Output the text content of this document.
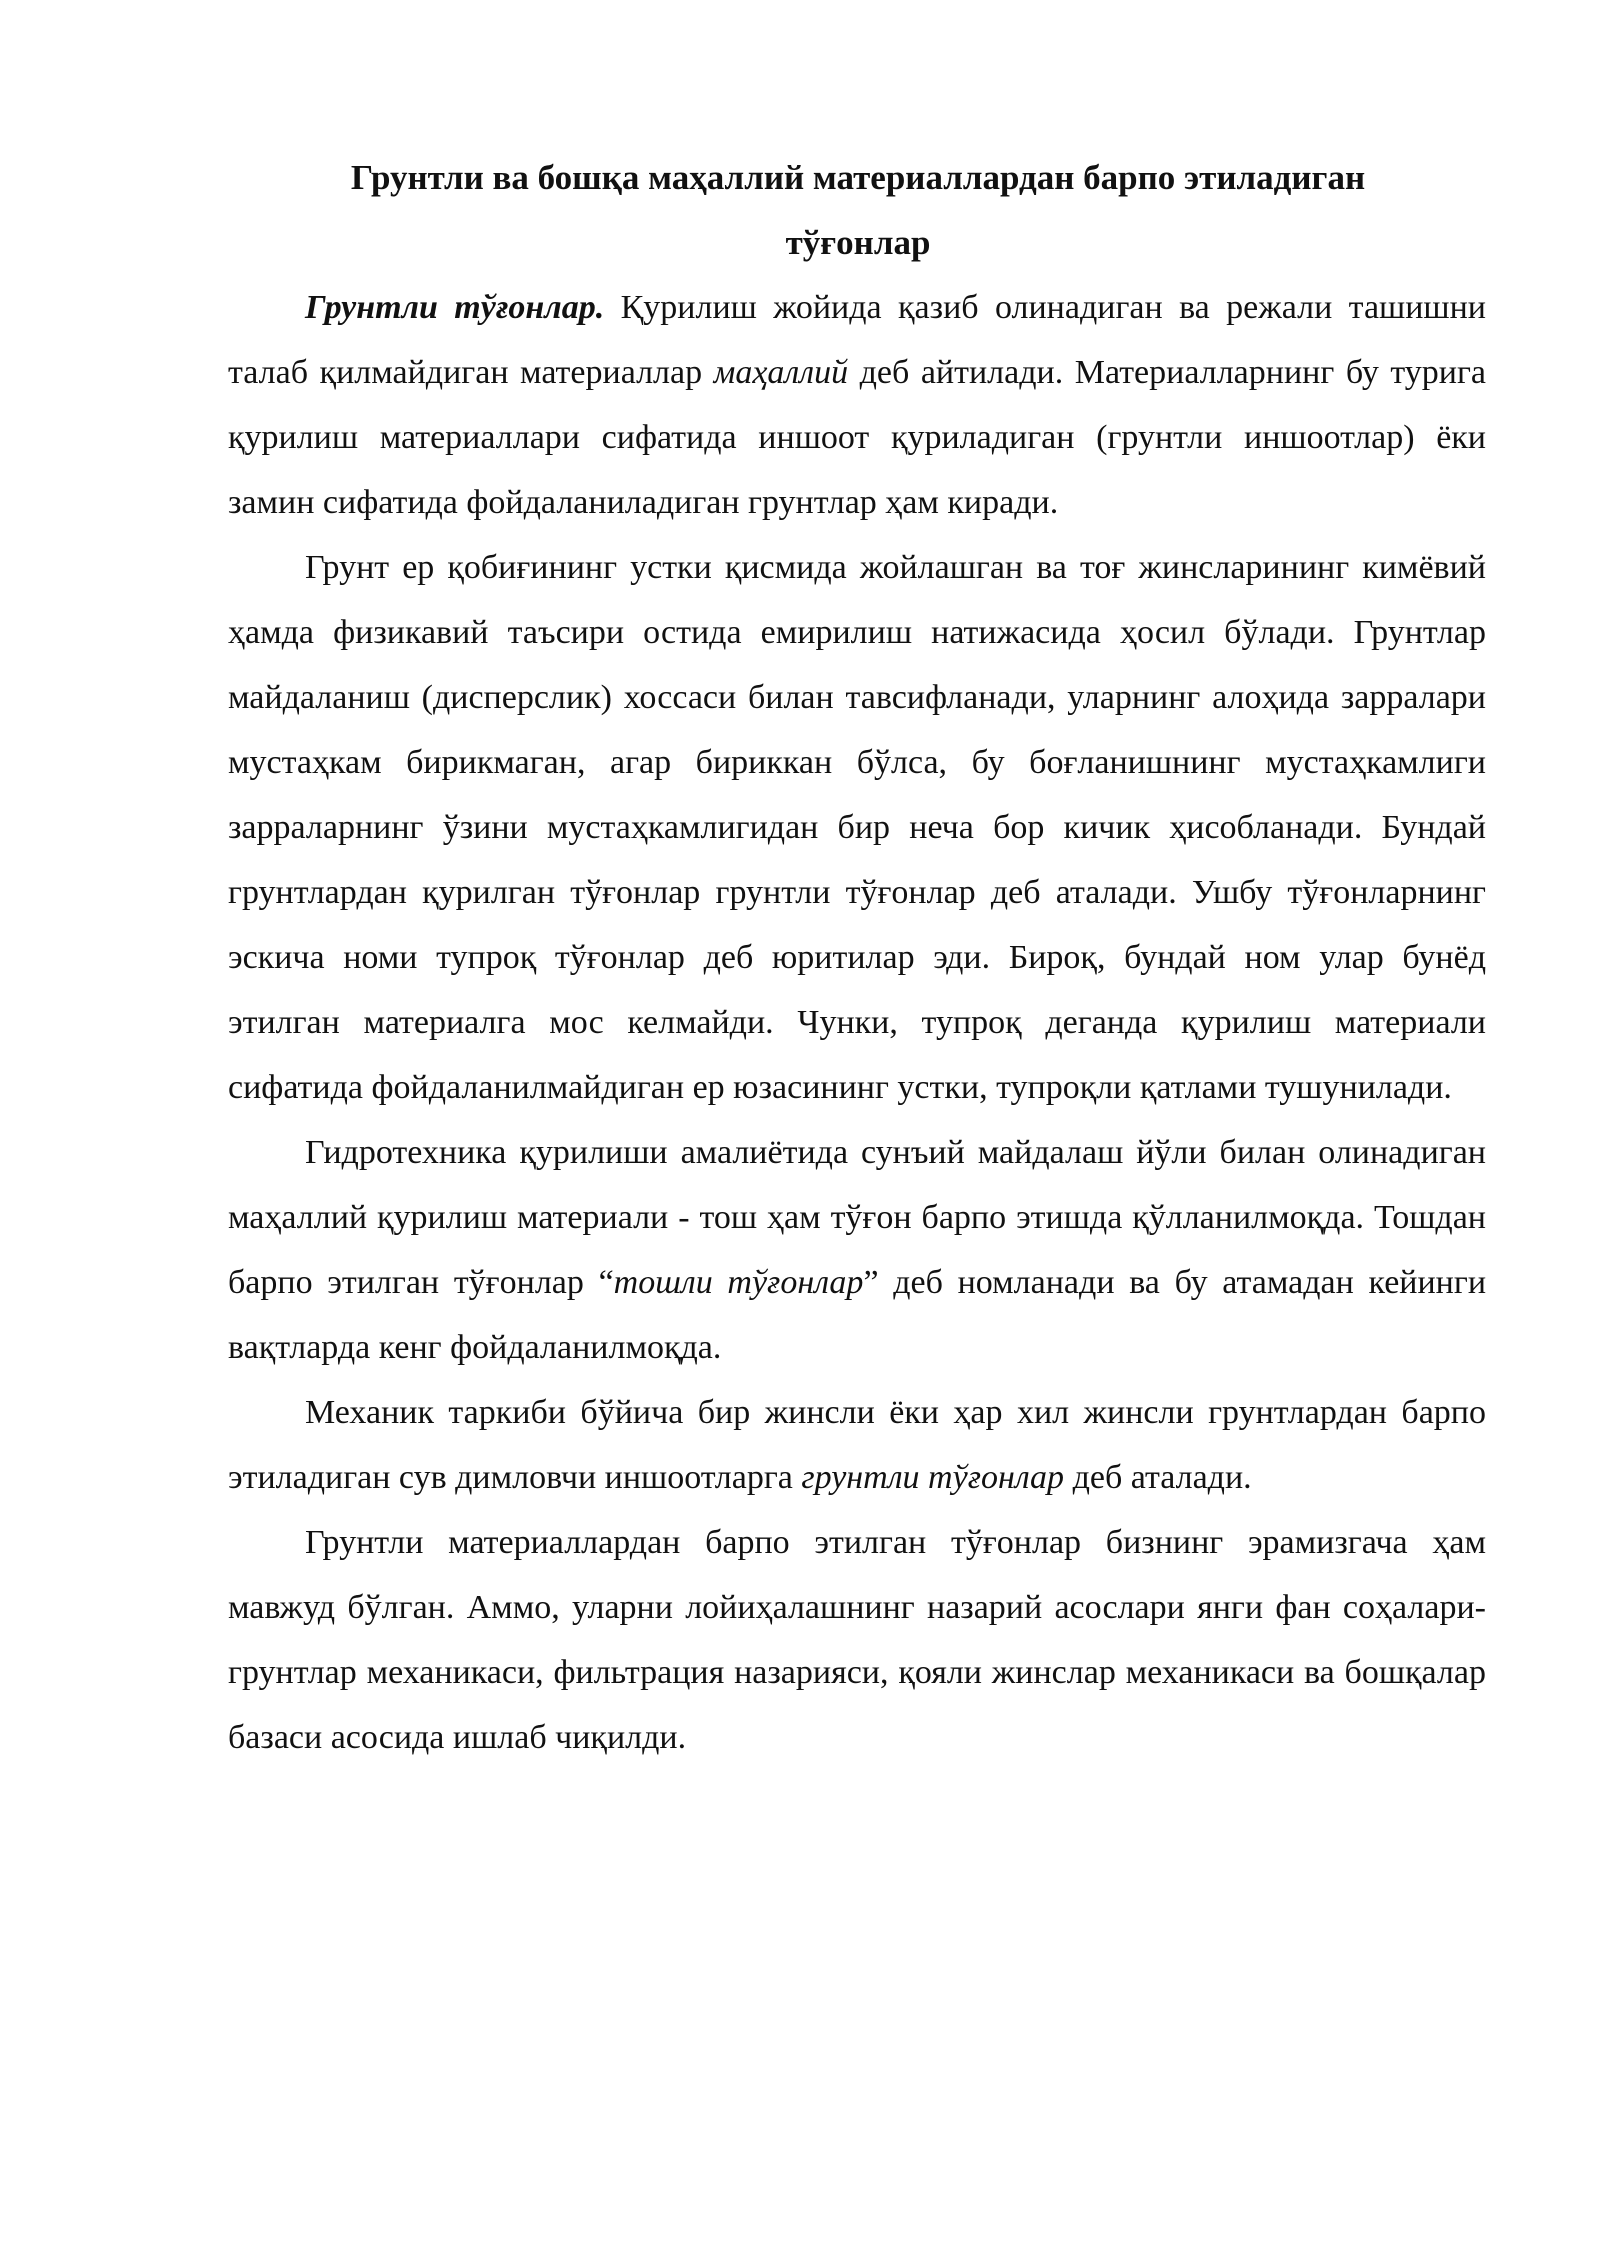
Грунтли ва бошқа маҳаллий материаллардан барпо этиладиган
тўғонлар

Грунтли тўғонлар. Қурилиш жойида қазиб олинадиган ва режали ташишни талаб қилмайдиган материаллар маҳаллий деб айтилади. Материалларнинг бу турига қурилиш материаллари сифатида иншоот қуриладиган (грунтли иншоотлар) ёки замин сифатида фойдаланиладиган грунтлар ҳам киради.

Грунт ер қобиғининг устки қисмида жойлашган ва тоғ жинсларининг кимёвий ҳамда физикавий таъсири остида емирилиш натижасида ҳосил бўлади. Грунтлар майдаланиш (дисперслик) хоссаси билан тавсифланади, уларнинг алоҳида зарралари мустаҳкам бирикмаган, агар бириккан бўлса, бу боғланишнинг мустаҳкамлиги зарраларнинг ўзини мустаҳкамлигидан бир неча бор кичик ҳисобланади. Бундай грунтлардан қурилган тўғонлар грунтли тўғонлар деб аталади. Ушбу тўғонларнинг эскича номи тупроқ тўғонлар деб юритилар эди. Бироқ, бундай ном улар бунёд этилган материалга мос келмайди. Чунки, тупроқ деганда қурилиш материали сифатида фойдаланилмайдиган ер юзасининг устки, тупроқли қатлами тушунилади.

Гидротехника қурилиши амалиётида сунъий майдалаш йўли билан олинадиган маҳаллий қурилиш материали - тош ҳам тўғон барпо этишда қўлланилмоқда. Тошдан барпо этилган тўғонлар “тошли тўғонлар” деб номланади ва бу атамадан кейинги вақтларда кенг фойдаланилмоқда.

Механик таркиби бўйича бир жинсли ёки ҳар хил жинсли грунтлардан барпо этиладиган сув димловчи иншоотларга грунтли тўғонлар деб аталади.

Грунтли материаллардан барпо этилган тўғонлар бизнинг эрамизгача ҳам мавжуд бўлган. Аммо, уларни лойиҳалашнинг назарий асослари янги фан соҳалари-грунтлар механикаси, фильтрация назарияси, қояли жинслар механикаси ва бошқалар базаси асосида ишлаб чиқилди.
